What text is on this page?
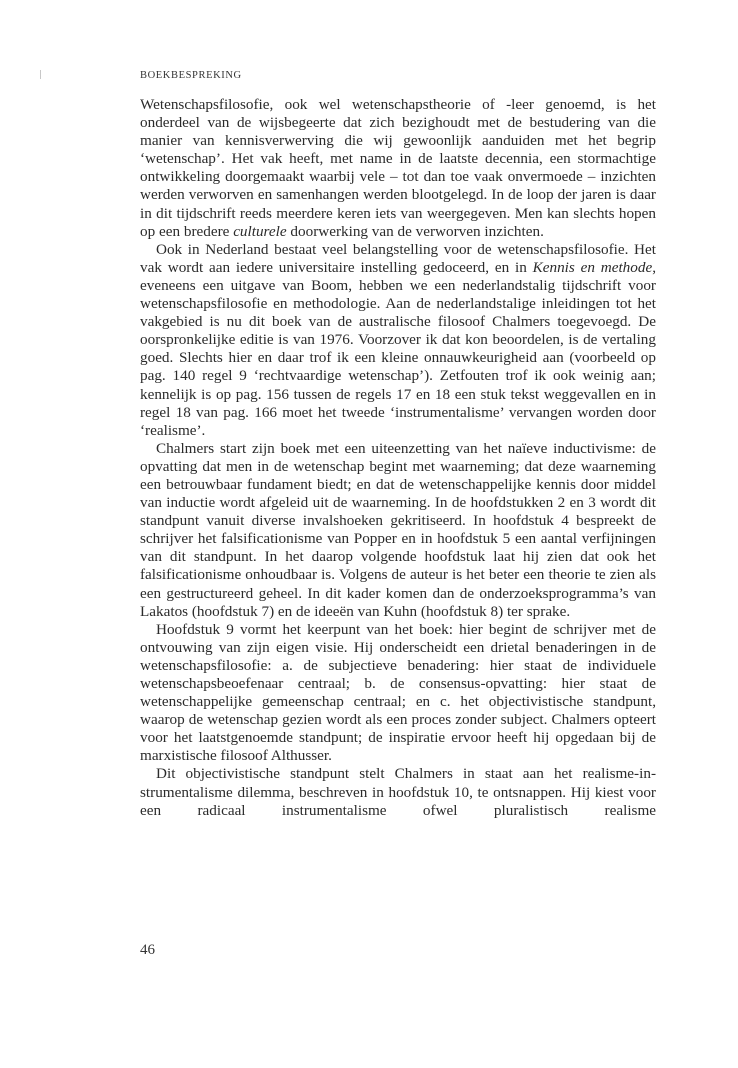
BOEKBESPREKING

Wetenschapsfilosofie, ook wel wetenschapstheorie of -leer genoemd, is het onderdeel van de wijsbegeerte dat zich bezighoudt met de bestudering van die manier van kennisverwerving die wij gewoonlijk aanduiden met het begrip ‘wetenschap’. Het vak heeft, met name in de laatste decennia, een stormachtige ontwikkeling doorgemaakt waarbij vele – tot dan toe vaak onvermoede – inzichten werden verworven en samenhangen werden blootgelegd. In de loop der jaren is daar in dit tijdschrift reeds meerdere keren iets van weergegeven. Men kan slechts hopen op een bredere culturele doorwerking van de verworven inzichten.

Ook in Nederland bestaat veel belangstelling voor de wetenschapsfilosofie. Het vak wordt aan iedere universitaire instelling gedoceerd, en in Kennis en methode, eveneens een uitgave van Boom, hebben we een nederlandstalig tijdschrift voor wetenschapsfilosofie en methodologie. Aan de nederlandstalige inleidingen tot het vakgebied is nu dit boek van de australische filosoof Chalmers toegevoegd. De oorspronkelijke editie is van 1976. Voorzover ik dat kon beoordelen, is de vertaling goed. Slechts hier en daar trof ik een kleine onnauwkeurigheid aan (voorbeeld op pag. 140 regel 9 ‘rechtvaardige wetenschap’). Zetfouten trof ik ook weinig aan; kennelijk is op pag. 156 tussen de regels 17 en 18 een stuk tekst weggevallen en in regel 18 van pag. 166 moet het tweede ‘instrumentalisme’ vervangen worden door ‘realisme’.

Chalmers start zijn boek met een uiteenzetting van het naïeve inductivisme: de opvatting dat men in de wetenschap begint met waarneming; dat deze waarneming een betrouwbaar fundament biedt; en dat de wetenschappelijke kennis door middel van inductie wordt afgeleid uit de waarneming. In de hoofdstukken 2 en 3 wordt dit standpunt vanuit diverse invalshoeken gekritiseerd. In hoofdstuk 4 bespreekt de schrijver het falsificationisme van Popper en in hoofdstuk 5 een aantal verfijningen van dit standpunt. In het daarop volgende hoofdstuk laat hij zien dat ook het falsificationisme onhoudbaar is. Volgens de auteur is het beter een theorie te zien als een gestructureerd geheel. In dit kader komen dan de onderzoeksprogramma’s van Lakatos (hoofdstuk 7) en de ideeën van Kuhn (hoofdstuk 8) ter sprake.

Hoofdstuk 9 vormt het keerpunt van het boek: hier begint de schrijver met de ontvouwing van zijn eigen visie. Hij onderscheidt een drietal benaderingen in de wetenschapsfilosofie: a. de subjectieve benadering: hier staat de individuele wetenschapsbeoefenaar centraal; b. de consensus-opvatting: hier staat de wetenschappelijke gemeenschap centraal; en c. het objectivistische standpunt, waarop de wetenschap gezien wordt als een proces zonder subject. Chalmers opteert voor het laatstgenoemde standpunt; de inspiratie ervoor heeft hij opgedaan bij de marxistische filosoof Althusser.

Dit objectivistische standpunt stelt Chalmers in staat aan het realisme-instrumentalisme dilemma, beschreven in hoofdstuk 10, te ontsnappen. Hij kiest voor een radicaal instrumentalisme ofwel pluralistisch realisme

46
